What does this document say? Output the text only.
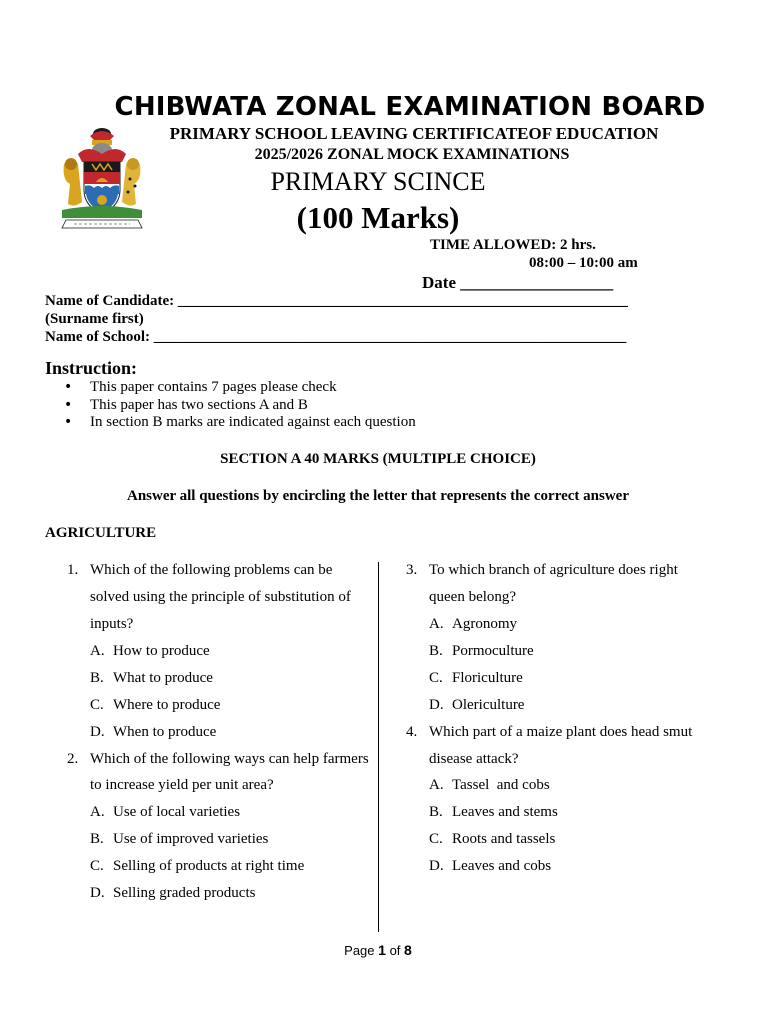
CHIBWATA ZONAL EXAMINATION BOARD
PRIMARY SCHOOL LEAVING CERTIFICATEOF EDUCATION
2025/2026 ZONAL MOCK EXAMINATIONS
PRIMARY SCINCE
(100 Marks)
TIME ALLOWED: 2 hrs.
08:00 – 10:00 am
Date __________________
Name of Candidate: ____________________________________________________________
(Surname first)
Name of School: _______________________________________________________________
Instruction:
• This paper contains 7 pages please check
• This paper has two sections A and B
• In section B marks are indicated against each question
SECTION A 40 MARKS (MULTIPLE CHOICE)
Answer all questions by encircling the letter that represents the correct answer
AGRICULTURE
1. Which of the following problems can be
solved using the principle of substitution of
inputs?
A. How to produce
B. What to produce
C. Where to produce
D. When to produce
2. Which of the following ways can help farmers
to increase yield per unit area?
A. Use of local varieties
B. Use of improved varieties
C. Selling of products at right time
D. Selling graded products
3. To which branch of agriculture does right
queen belong?
A. Agronomy
B. Pormoculture
C. Floriculture
D. Olericulture
4. Which part of a maize plant does head smut
disease attack?
A. Tassel  and cobs
B. Leaves and stems
C. Roots and tassels
D. Leaves and cobs
Page 1 of 8
